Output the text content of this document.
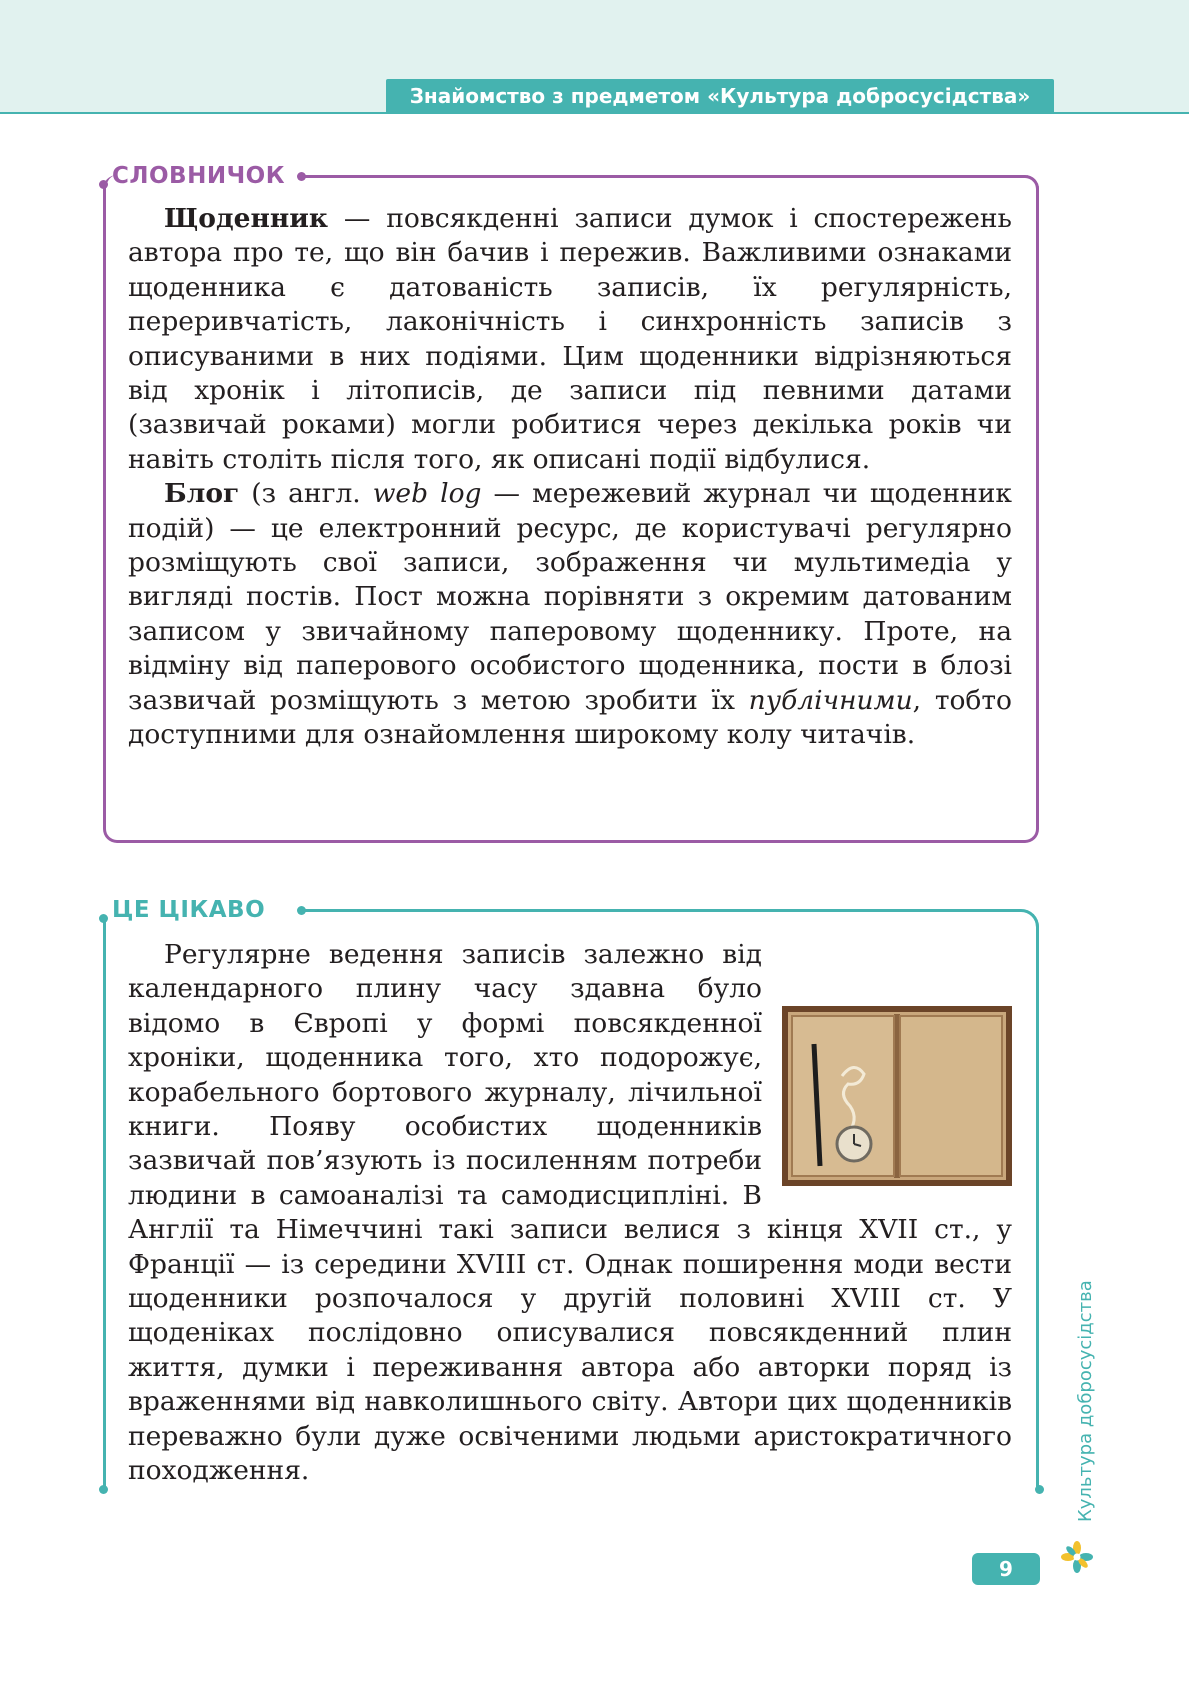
Знайомство з предметом «Культура добросусідства»
СЛОВНИЧОК

Щоденник — повсякденні записи думок і спостережень автора про те, що він бачив і пережив. Важливими ознаками щоденника є датованість записів, їх регулярність, переривчатість, лаконічність і синхронність записів з описуваними в них подіями. Цим щоденники відрізняються від хронік і літописів, де записи під певними датами (зазвичай роками) могли робитися через декілька років чи навіть століть після того, як описані події відбулися.

Блог (з англ. web log — мережевий журнал чи щоденник подій) — це електронний ресурс, де користувачі регулярно розміщують свої записи, зображення чи мультимедіа у вигляді постів. Пост можна порівняти з окремим датованим записом у звичайному паперовому щоденнику. Проте, на відміну від паперового особистого щоденника, пости в блозі зазвичай розміщують з метою зробити їх публічними, тобто доступними для ознайомлення широкому колу читачів.

ЦЕ ЦІКАВО

Регулярне ведення записів залежно від календарного плину часу здавна було відомо в Європі у формі повсякденної хроніки, щоденника того, хто подорожує, корабельного бортового журналу, лічильної книги. Появу особистих щоденників зазвичай пов’язують із посиленням потреби людини в самоаналізі та самодисципліні. В Англії та Німеччині такі записи велися з кінця XVII ст., у Франції — із середини XVIII ст. Однак поширення моди вести щоденники розпочалося у другій половині XVIII ст. У щоденіках послідовно описувалися повсякденний плин життя, думки і переживання автора або авторки поряд із враженнями від навколишнього світу. Автори цих щоденників переважно були дуже освіченими людьми аристократичного походження.	Культура добросусідства
9
